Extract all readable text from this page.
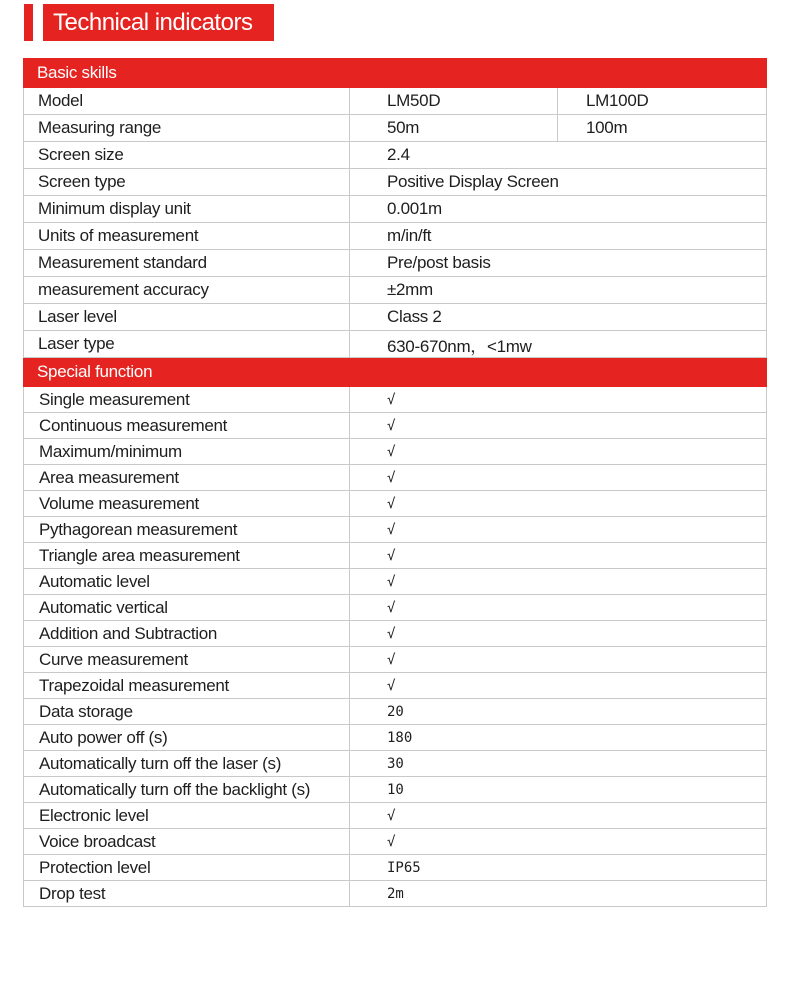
Technical indicators
Basic skills		
Model	LM50D	LM100D
Measuring range	50m	100m
Screen size	2.4	
Screen type	Positive Display Screen	
Minimum display unit	0.001m	
Units of measurement	m/in/ft	
Measurement standard	Pre/post basis	
measurement accuracy	±2mm	
Laser level	Class 2	
Laser type	630-670nm，<1mw	
Special function		
Single measurement	√	
Continuous measurement	√	
Maximum/minimum	√	
Area measurement	√	
Volume measurement	√	
Pythagorean measurement	√	
Triangle area measurement	√	
Automatic level	√	
Automatic vertical	√	
Addition and Subtraction	√	
Curve measurement	√	
Trapezoidal measurement	√	
Data storage	20	
Auto power off (s)	180	
Automatically turn off the laser (s)	30	
Automatically turn off the backlight (s)	10	
Electronic level	√	
Voice broadcast	√	
Protection level	IP65	
Drop test	2m	
